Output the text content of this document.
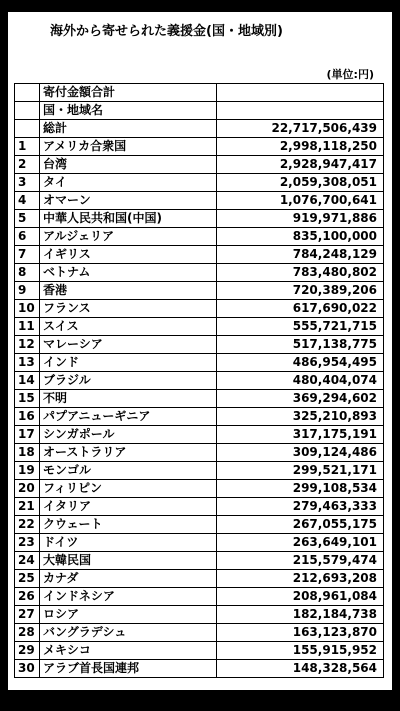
海外から寄せられた義援金(国・地域別)
(単位:円)
	寄付金額合計	
	国・地域名	
	総計	22,717,506,439
1	アメリカ合衆国	2,998,118,250
2	台湾	2,928,947,417
3	タイ	2,059,308,051
4	オマーン	1,076,700,641
5	中華人民共和国(中国)	919,971,886
6	アルジェリア	835,100,000
7	イギリス	784,248,129
8	ベトナム	783,480,802
9	香港	720,389,206
10	フランス	617,690,022
11	スイス	555,721,715
12	マレーシア	517,138,775
13	インド	486,954,495
14	ブラジル	480,404,074
15	不明	369,294,602
16	パプアニューギニア	325,210,893
17	シンガポール	317,175,191
18	オーストラリア	309,124,486
19	モンゴル	299,521,171
20	フィリピン	299,108,534
21	イタリア	279,463,333
22	クウェート	267,055,175
23	ドイツ	263,649,101
24	大韓民国	215,579,474
25	カナダ	212,693,208
26	インドネシア	208,961,084
27	ロシア	182,184,738
28	バングラデシュ	163,123,870
29	メキシコ	155,915,952
30	アラブ首長国連邦	148,328,564
